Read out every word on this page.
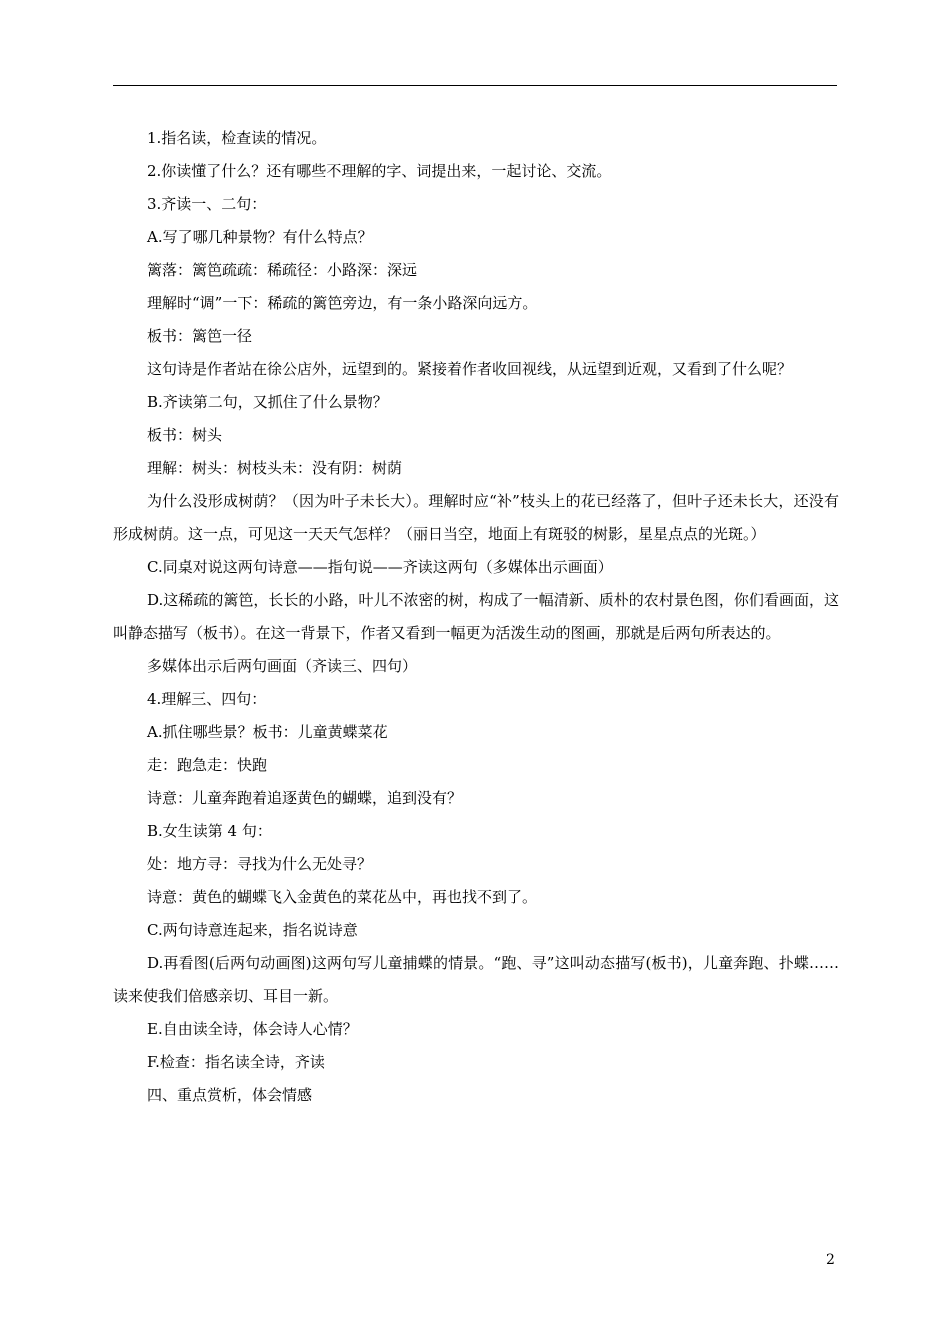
1.指名读，检查读的情况。
2.你读懂了什么？还有哪些不理解的字、词提出来，一起讨论、交流。
3.齐读一、二句：
A.写了哪几种景物？有什么特点？
篱落：篱笆疏疏：稀疏径：小路深：深远
理解时“调”一下：稀疏的篱笆旁边，有一条小路深向远方。
板书：篱笆一径
这句诗是作者站在徐公店外，远望到的。紧接着作者收回视线，从远望到近观，又看到了什么呢？
B.齐读第二句，又抓住了什么景物？
板书：树头
理解：树头：树枝头未：没有阴：树荫
为什么没形成树荫？（因为叶子未长大）。理解时应“补”枝头上的花已经落了，但叶子还未长大，还没有形成树荫。这一点，可见这一天天气怎样？（丽日当空，地面上有斑驳的树影，星星点点的光斑。）
C.同桌对说这两句诗意——指句说——齐读这两句（多媒体出示画面）
D.这稀疏的篱笆，长长的小路，叶儿不浓密的树，构成了一幅清新、质朴的农村景色图，你们看画面，这叫静态描写（板书）。在这一背景下，作者又看到一幅更为活泼生动的图画，那就是后两句所表达的。
多媒体出示后两句画面（齐读三、四句）
4.理解三、四句：
A.抓住哪些景？板书：儿童黄蝶菜花
走：跑急走：快跑
诗意：儿童奔跑着追逐黄色的蝴蝶，追到没有？
B.女生读第 4 句：
处：地方寻：寻找为什么无处寻？
诗意：黄色的蝴蝶飞入金黄色的菜花丛中，再也找不到了。
C.两句诗意连起来，指名说诗意
D.再看图(后两句动画图)这两句写儿童捕蝶的情景。“跑、寻”这叫动态描写(板书)，儿童奔跑、扑蝶……读来使我们倍感亲切、耳目一新。
E.自由读全诗，体会诗人心情？
F.检查：指名读全诗，齐读
四、重点赏析，体会情感
2
